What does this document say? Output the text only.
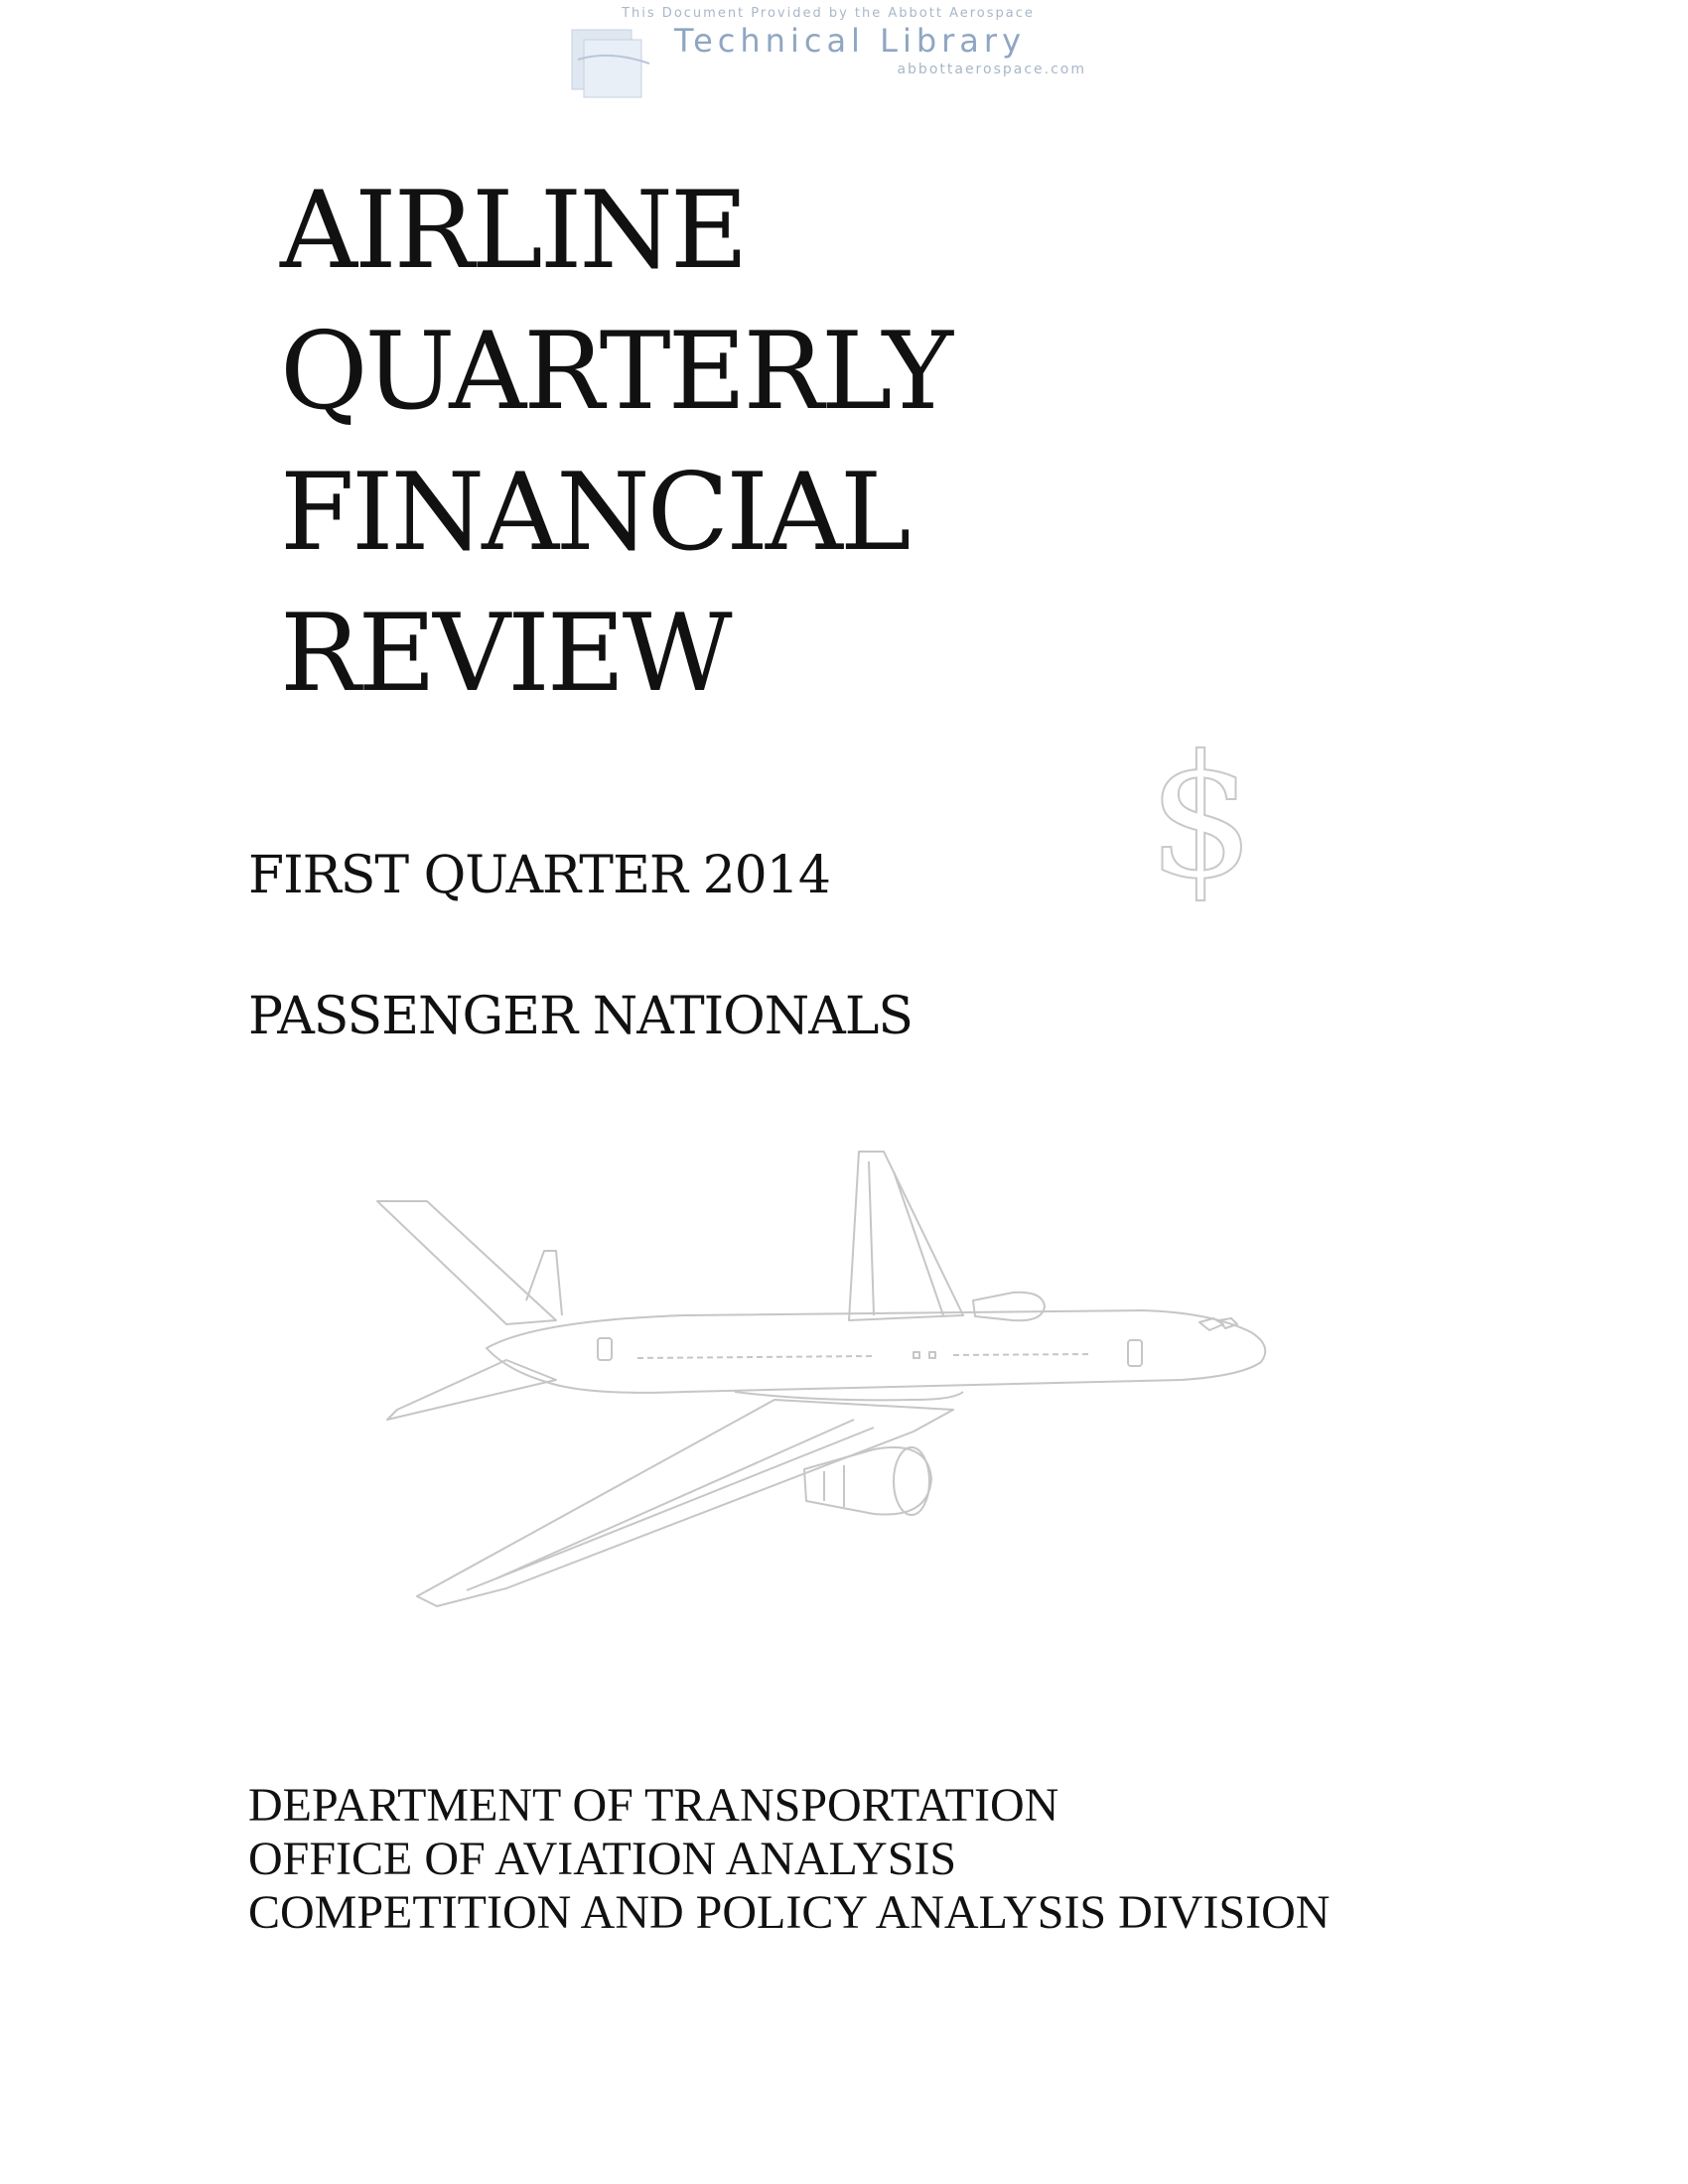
This Document Provided by the Abbott Aerospace
Technical Library
abbottaerospace.com
AIRLINE
QUARTERLY
FINANCIAL
REVIEW
$
FIRST QUARTER 2014
PASSENGER NATIONALS
DEPARTMENT OF TRANSPORTATION
OFFICE OF AVIATION ANALYSIS
COMPETITION AND POLICY ANALYSIS DIVISION
